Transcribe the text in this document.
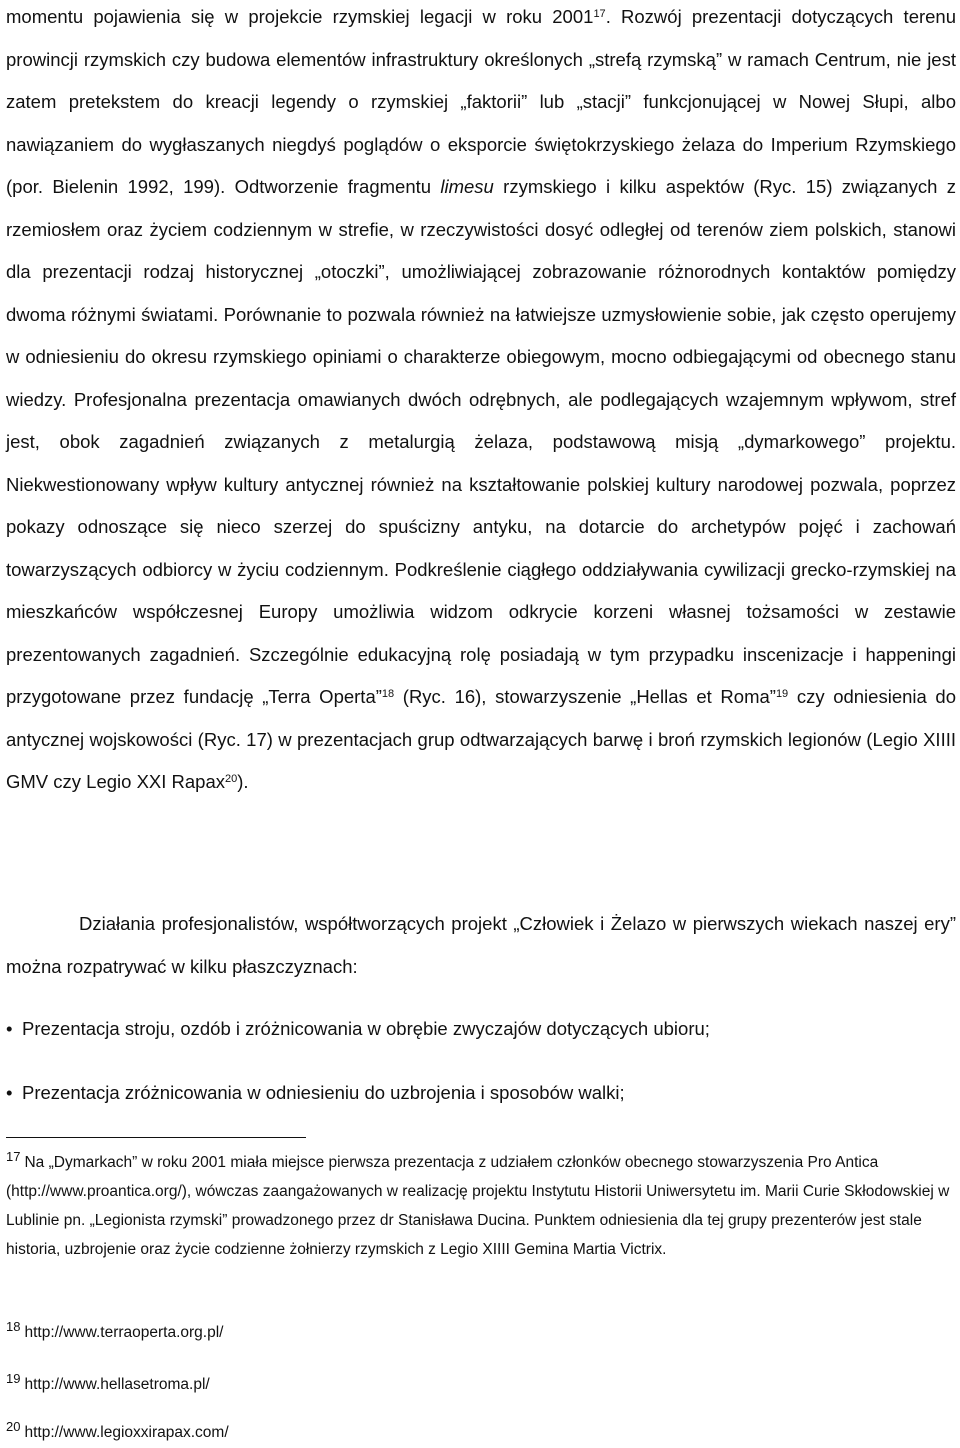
momentu pojawienia się w projekcie rzymskiej legacji w roku 2001$^{17}$. Rozwój prezentacji dotyczących terenu prowincji rzymskich czy budowa elementów infrastruktury określonych „strefą rzymską” w ramach Centrum, nie jest zatem pretekstem do kreacji legendy o rzymskiej „faktorii” lub „stacji” funkcjonującej w Nowej Słupi, albo nawiązaniem do wygłaszanych niegdyś poglądów o eksporcie świętokrzyskiego żelaza do Imperium Rzymskiego (por. Bielenin 1992, 199). Odtworzenie fragmentu limesu rzymskiego i kilku aspektów (Ryc. 15) związanych z rzemiosłem oraz życiem codziennym w strefie, w rzeczywistości dosyć odległej od terenów ziem polskich, stanowi dla prezentacji rodzaj historycznej „otoczki”, umożliwiającej zobrazowanie różnorodnych kontaktów pomiędzy dwoma różnymi światami. Porównanie to pozwala również na łatwiejsze uzmysłowienie sobie, jak często operujemy w odniesieniu do okresu rzymskiego opiniami o charakterze obiegowym, mocno odbiegającymi od obecnego stanu wiedzy. Profesjonalna prezentacja omawianych dwóch odrębnych, ale podlegających wzajemnym wpływom, stref jest, obok zagadnień związanych z metalurgią żelaza, podstawową misją „dymarkowego” projektu. Niekwestionowany wpływ kultury antycznej również na kształtowanie polskiej kultury narodowej pozwala, poprzez pokazy odnoszące się nieco szerzej do spuścizny antyku, na dotarcie do archetypów pojęć i zachowań towarzyszących odbiorcy w życiu codziennym. Podkreślenie ciągłego oddziaływania cywilizacji grecko-rzymskiej na mieszkańców współczesnej Europy umożliwia widzom odkrycie korzeni własnej tożsamości w zestawie prezentowanych zagadnień. Szczególnie edukacyjną rolę posiadają w tym przypadku inscenizacje i happeningi przygotowane przez fundację „Terra Operta”$^{18}$ (Ryc. 16), stowarzyszenie „Hellas et Roma”$^{19}$ czy odniesienia do antycznej wojskowości (Ryc. 17) w prezentacjach grup odtwarzających barwę i broń rzymskich legionów (Legio XIIII GMV czy Legio XXI Rapax$^{20}$).

Działania profesjonalistów, współtworzących projekt „Człowiek i Żelazo w pierwszych wiekach naszej ery” można rozpatrywać w kilku płaszczyznach:

• Prezentacja stroju, ozdób i zróżnicowania w obrębie zwyczajów dotyczących ubioru;
• Prezentacja zróżnicowania w odniesieniu do uzbrojenia i sposobów walki;
$^{17}$ Na „Dymarkach” w roku 2001 miała miejsce pierwsza prezentacja z udziałem członków obecnego stowarzyszenia Pro Antica (http://www.proantica.org/), wówczas zaangażowanych w realizację projektu Instytutu Historii Uniwersytetu im. Marii Curie Skłodowskiej w Lublinie pn. „Legionista rzymski” prowadzonego przez dr Stanisława Ducina. Punktem odniesienia dla tej grupy prezenterów jest stale historia, uzbrojenie oraz życie codzienne żołnierzy rzymskich z Legio XIIII Gemina Martia Victrix.
$^{18}$ http://www.terraoperta.org.pl/
$^{19}$ http://www.hellasetroma.pl/
$^{20}$ http://www.legioxxirapax.com/
